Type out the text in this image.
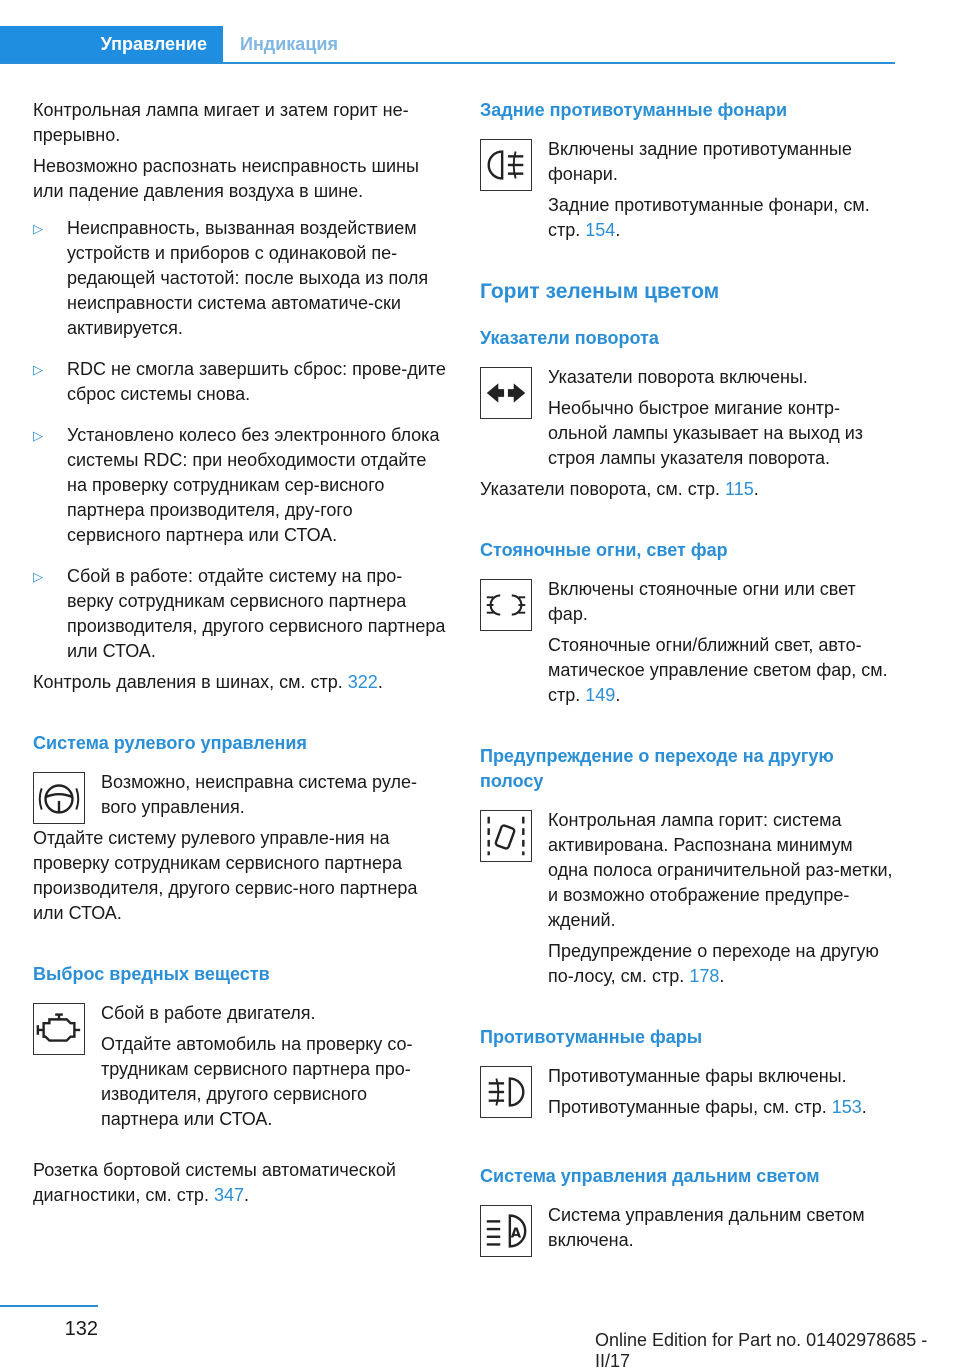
Управление	Индикация

Контрольная лампа мигает и затем горит не-прерывно.

Невозможно распознать неисправность шины или падение давления воздуха в шине.

▷ Неисправность, вызванная воздействием устройств и приборов с одинаковой пе-редающей частотой: после выхода из поля неисправности система автоматиче-ски активируется.
▷ RDC не смогла завершить сброс: прове-дите сброс системы снова.
▷ Установлено колесо без электронного блока системы RDC: при необходимости отдайте на проверку сотрудникам сер-висного партнера производителя, дру-гого сервисного партнера или СТОА.
▷ Сбой в работе: отдайте систему на про-верку сотрудникам сервисного партнера производителя, другого сервисного партнера или СТОА.

Контроль давления в шинах, см. стр. 322.

Система рулевого управления

Возможно, неисправна система руле-вого управления.

Отдайте систему рулевого управле-ния на проверку сотрудникам сервисного партнера производителя, другого сервис-ного партнера или СТОА.

Выброс вредных веществ

Сбой в работе двигателя.

Отдайте автомобиль на проверку со-трудникам сервисного партнера про-изводителя, другого сервисного партнера или СТОА.

Розетка бортовой системы автоматической диагностики, см. стр. 347.

Задние противотуманные фонари

Включены задние противотуманные фонари.

Задние противотуманные фонари, см. стр. 154.

Горит зеленым цветом
Указатели поворота

Указатели поворота включены.

Необычно быстрое мигание контр-ольной лампы указывает на выход из строя лампы указателя поворота.

Указатели поворота, см. стр. 115.

Стояночные огни, свет фар

Включены стояночные огни или свет фар.

Стояночные огни/ближний свет, авто-матическое управление светом фар, см. стр. 149.

Предупреждение о переходе на другую полосу

Контрольная лампа горит: система активирована. Распознана минимум одна полоса ограничительной раз-метки, и возможно отображение предупре-ждений.

Предупреждение о переходе на другую по-лосу, см. стр. 178.

Противотуманные фары

Противотуманные фары включены.

Противотуманные фары, см. стр. 153.

Система управления дальним светом
A

Система управления дальним светом включена.

132	Online Edition for Part no. 01402978685 - II/17
